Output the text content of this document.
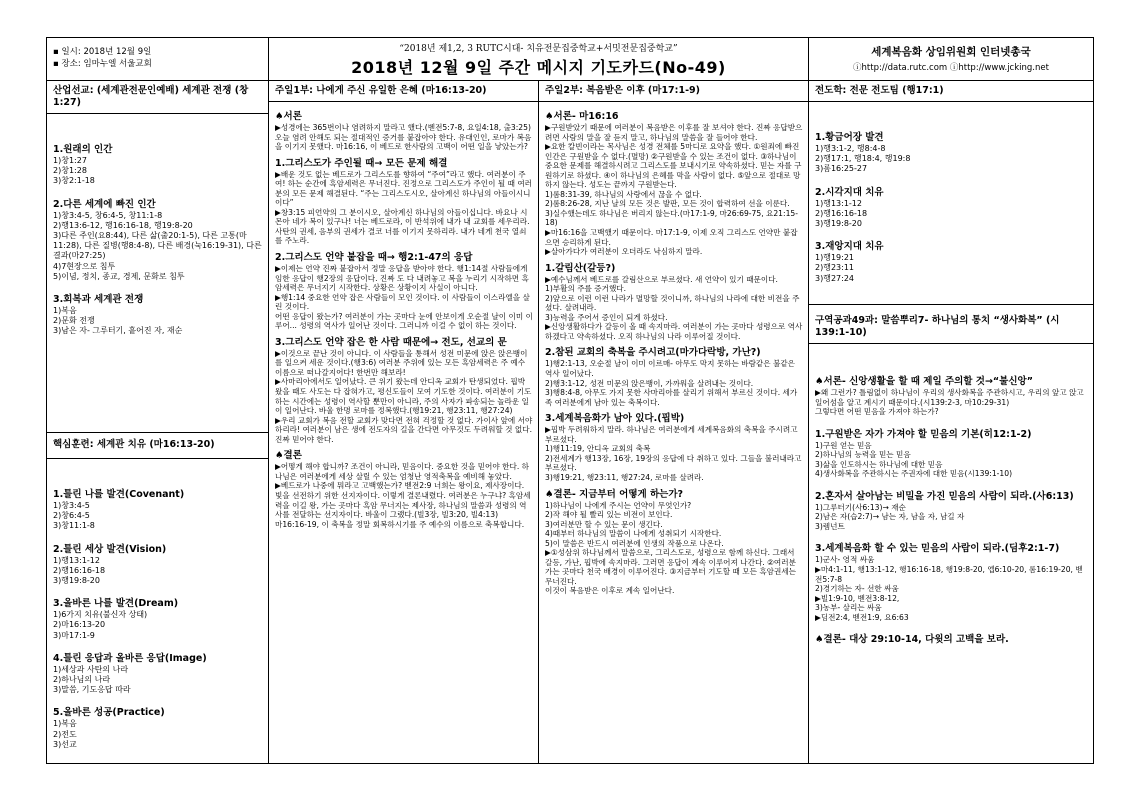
▪ 일시: 2018년 12월 9일
▪ 장소: 임마누엘 서울교회
“2018년 제1,2, 3 RUTC시대- 치유전문집중학교+서밋전문집중학교”
2018년 12월 9일 주간 메시지 기도카드(No-49)
세계복음화 상임위원회 인터넷총국
ⓘhttp://data.rutc.com ⓘhttp://www.jcking.net
산업선교: (세계관전문인예배) 세계관 전쟁 (창1:27)
1.원래의 인간
1)창1:27
2)창1:28
3)창2:1-18
2.다른 세계에 빠진 인간
1)창3:4-5, 창6:4-5, 창11:1-8
2)행13:6-12, 행16:16-18, 행19:8-20
3)다른 주인(요8:44), 다른 삶(출20:1-5), 다른 고통(마11:28), 다른 질병(행8:4-8), 다른 배경(눅16:19-31), 다른 결과(마27:25)
4)7현장으로 침투
5)이념, 정치, 종교, 경제, 문화로 침투
3.회복과 세계관 전쟁
1)복음
2)문화 전쟁
3)남은 자- 그루터기, 흩어진 자, 재순
핵심훈련: 세계관 치유 (마16:13-20)
1.틀린 나를 발견(Covenant)
1)창3:4-5
2)창6:4-5
3)창11:1-8
2.틀린 세상 발견(Vision)
1)행13:1-12
2)행16:16-18
3)행19:8-20
3.올바른 나를 발견(Dream)
1)6가지 치유(불신자 상태)
2)마16:13-20
3)마17:1-9
4.틀린 응답과 올바른 응답(Image)
1)세상과 사탄의 나라
2)하나님의 나라
3)말씀, 기도응답 따라
5.올바른 성공(Practice)
1)복음
2)전도
3)선교
주일1부: 나에게 주신 유일한 은혜 (마16:13-20)
♠서론
▶성경에는 365번이나 염려하지 말라고 했다.(벧전5:7-8, 요일4:18, 출3:25) 오늘 염려 안해도 되는 절대적인 증거를 붙잡아야 한다. 유대인인, 로마가 복음을 이기지 못했다. 마16:16, 이 베드로 한사람의 고백이 어떤 일을 낳았는가?
1.그리스도가 주인될 때→ 모든 문제 해결
▶배운 것도 없는 베드로가 그리스도를 향하여 “주여”라고 했다. 여러분이 주여! 하는 순간에 흑암세력은 무너진다. 진정으로 그리스도가 주인이 될 때 여러분의 모든 문제 해결된다. “주는 그리스도시오, 살아계신 하나님의 아들이시니이다”
▶창3:15 피언약의 그 분이시오, 살아계신 하나님의 아들이십니다. 바요나 시몬아 네가 복이 있구나! 너는 베드로라, 이 반석위에 내가 내 교회를 세우리라. 사탄의 권세, 음부의 권세가 결코 너를 이기지 못하리라. 내가 네게 천국 열쇠를 주노라.
2.그리스도 언약 붙잡을 때→ 행2:1-47의 응답
▶이제는 언약 진짜 붙잡아서 정말 응답을 받아야 한다. 행1:14절 사람들에게 임한 응답이 행2장의 응답이다. 진짜 도 다 내려놓고 복을 누리기 시작하면 흑암세력은 무너지기 시작한다. 상황은 상황이지 사실이 아니다.
▶행1:14 중요한 언약 잡은 사람들이 모인 것이다. 이 사람들이 이스라엘을 살린 것이다.
어떤 응답이 왔는가? 여러분이 가는 곳마다 눈에 안보이게 오순절 날이 이미 이루어... 성령의 역사가 일어난 것이다. 그러니까 이걸 수 없이 하는 것이다.
3.그리스도 언약 잡은 한 사람 때문에→ 전도, 선교의 문
▶이것으로 끝난 것이 아니다. 이 사람들을 통해서 성전 미문에 앉은 앉은뱅이를 일으켜 세운 것이다.(행3:6) 여러분 주위에 있는 모든 흑암세력은 주 예수 이름으로 떠나갈지어다! 한번만 해보라!
▶사마리아에서도 일어났다. 큰 위기 왔는데 안디옥 교회가 탄생되었다. 핍박 왔을 때도 사도는 다 잡혀가고, 평신도들이 모여 기도한 것이다. 여러분이 기도하는 시간에는 성령이 역사할 뿐만이 아니라, 주의 사자가 파송되는 놀라운 일이 일어난다. 바울 한명 로마를 정복했다.(행19:21, 행23:11, 행27:24)
▶우리 교회가 복음 전할 교회가 맞다면 전혀 걱정할 것 없다. 가이사 앞에 서야 하리라! 여러분이 남은 생에 전도자의 길을 간다면 아무것도 두려워할 것 없다. 진짜 믿어야 한다.
♠결론
▶어떻게 해야 합니까? 조건이 아니라, 믿음이다. 중요한 것을 믿어야 한다. 하나님은 여러분에게 세상 살릴 수 있는 엄청난 영적축복을 예비해 놓았다.
▶베드로가 나중에 뭐라고 고백했는가? 벧전2:9 너희는 왕이요, 제사장이다. 빛을 선전하기 위한 선지자이다. 이렇게 결론내렸다. 여러분은 누구냐? 흑암세력을 이길 왕, 가는 곳마다 흑암 무너지는 제사장, 하나님의 말씀과 성령의 역사를 전달하는 선지자이다. 바울이 그랬다.(빌3장, 빌3:20, 빌4:13)
마16:16-19, 이 축복을 정말 회복하시기를 주 예수의 이름으로 축복합니다.
주일2부: 복음받은 이후 (마17:1-9)
♠서론- 마16:16
▶구원받았기 때문에 여러분이 복음받은 이후를 잘 보셔야 한다. 진짜 응답받으려면 사람의 말을 잘 듣지 말고, 하나님의 말씀을 잘 들어야 한다.
▶요한 칼빈이라는 목사님은 성경 전체를 5마디로 요약을 했다. ①원죄에 빠진 인간은 구원받을 수 없다.(멸망) ②구원받을 수 있는 조건이 없다. ③하나님이 중요한 문제를 해결하시려고 그리스도를 보내시기로 약속하셨다. 믿는 자를 구원하기로 하셨다. ④이 하나님의 은혜를 막을 사람이 없다. ⑤앞으로 절대로 망하지 않는다. 성도는 끝까지 구원받는다.
1)롬8:31-39, 하나님의 사랑에서 끊을 수 없다.
2)롬8:26-28, 지난 날의 모든 것은 발판, 모든 것이 합력하여 선을 이룬다.
3)실수했는데도 하나님은 버리지 않는다.(마17:1-9, 마26:69-75, 요21:15-18)
▶마16:16을 고백했기 때문이다. 마17:1-9, 이제 오직 그리스도 언약만 붙잡으면 승리하게 된다.
▶살아가다가 여러분이 오더라도 낙심하지 말라.
1.갈림산(갈등?)
▶예수님께서 베드로를 갈림산으로 부르셨다. 새 언약이 있기 때문이다.
1)부활의 주를 증거했다.
2)앞으로 이런 이런 나라가 멸망할 것이니까, 하나님의 나라에 대한 비전을 주셨다. 살려내라.
3)능력을 주어서 증인이 되게 하셨다.
▶신앙생활하다가 갈등이 올 때 속지마라. 여러분이 가는 곳마다 성령으로 역사하겠다고 약속하셨다. 오직 하나님의 나라 이루어질 것이다.
2.참된 교회의 축복을 주시려고(마가다락방, 가난?)
1)행2:1-13, 오순절 날이 이미 이르매- 아무도 막지 못하는 바람같은 불같은 역사 일어났다.
2)행3:1-12, 성전 미문의 앉은뱅이, 가까워을 살려내는 것이다.
3)행8:4-8, 아무도 가지 못한 사마리아를 살리기 위해서 부르신 것이다. 세가족 여러분에게 남아 있는 축복이다.
3.세계복음화가 남아 있다.(핍박)
▶핍박 두려워하지 말라. 하나님은 여러분에게 세계복음화의 축복을 주시려고 부르셨다.
1)행11:19, 안디옥 교회의 축복
2)전세계가 행13장, 16장, 19장의 응답에 다 취하고 있다. 그들을 불러내라고 부르셨다.
3)행19:21, 행23:11, 행27:24, 로마를 살려라.
♠결론- 지금부터 어떻게 하는가?
1)하나님이 나에게 주시는 언약이 무엇인가?
2)작 해야 될 빨리 있는 비전이 보인다.
3)여러분만 할 수 있는 문이 생긴다.
4)때부터 하나님의 말씀이 나에게 성취되기 시작한다.
5)이 말씀은 반드시 여러분에 인생의 작품으로 나온다.
▶①성삼위 하나님께서 말씀으로, 그리스도로, 성령으로 함께 하신다. 그래서 갈등, 가난, 핍박에 속지마라. 그러면 응답이 계속 이루어져 나간다. ②여러분 가는 곳마다 천국 배경이 이루어진다. ③지금부터 기도할 때 모든 흑암권세는 무너진다.
이것이 복음받은 이후로 계속 일어난다.
전도학: 전문 전도팀 (행17:1)
1.황금어장 발견
1)행3:1-2, 행8:4-8
2)행17:1, 행18:4, 행19:8
3)롬16:25-27
2.시각지대 치유
1)행13:1-12
2)행16:16-18
3)행19:8-20
3.재앙지대 치유
1)행19:21
2)행23:11
3)행27:24
구역공과49과: 말씀뿌리7- 하나님의 통치 “생사화복” (시139:1-10)
♠서론- 신앙생활을 할 때 제일 주의할 것→“불신앙”
▶왜 그런가? 틀림없이 하나님이 우리의 생사화복을 주관하시고, 우리의 앞고 앉고 일어섬을 알고 계시기 때문이다.(시139:2-3, 마10:29-31)
그렇다면 어떤 믿음을 가져야 하는가?
1.구원받은 자가 가져야 할 믿음의 기본(히12:1-2)
1)구원 얻는 믿음
2)하나님의 능력을 믿는 믿음
3)삶을 인도하시는 하나님에 대한 믿음
4)생사화복을 주관하시는 주권자에 대한 믿음(시139:1-10)
2.혼자서 살아남는 비밀을 가진 믿음의 사람이 되라.(사6:13)
1)그루터기(사6:13)→ 재순
2)남은 자(습2:7)→ 남는 자, 남을 자, 남길 자
3)렘넌트
3.세계복음화 할 수 있는 믿음의 사람이 되라.(딤후2:1-7)
1)군사- 영적 싸움
▶마4:1-11, 행13:1-12, 행16:16-18, 행19:8-20, 엡6:10-20, 롬16:19-20, 벧전5:7-8
2)경기하는 자- 선한 싸움
▶빌1:9-10, 벧전3:8-12,
3)농부- 살리는 싸움
▶딤전2:4, 벧전1:9, 요6:63
♠결론- 대상 29:10-14, 다윗의 고백을 보라.
